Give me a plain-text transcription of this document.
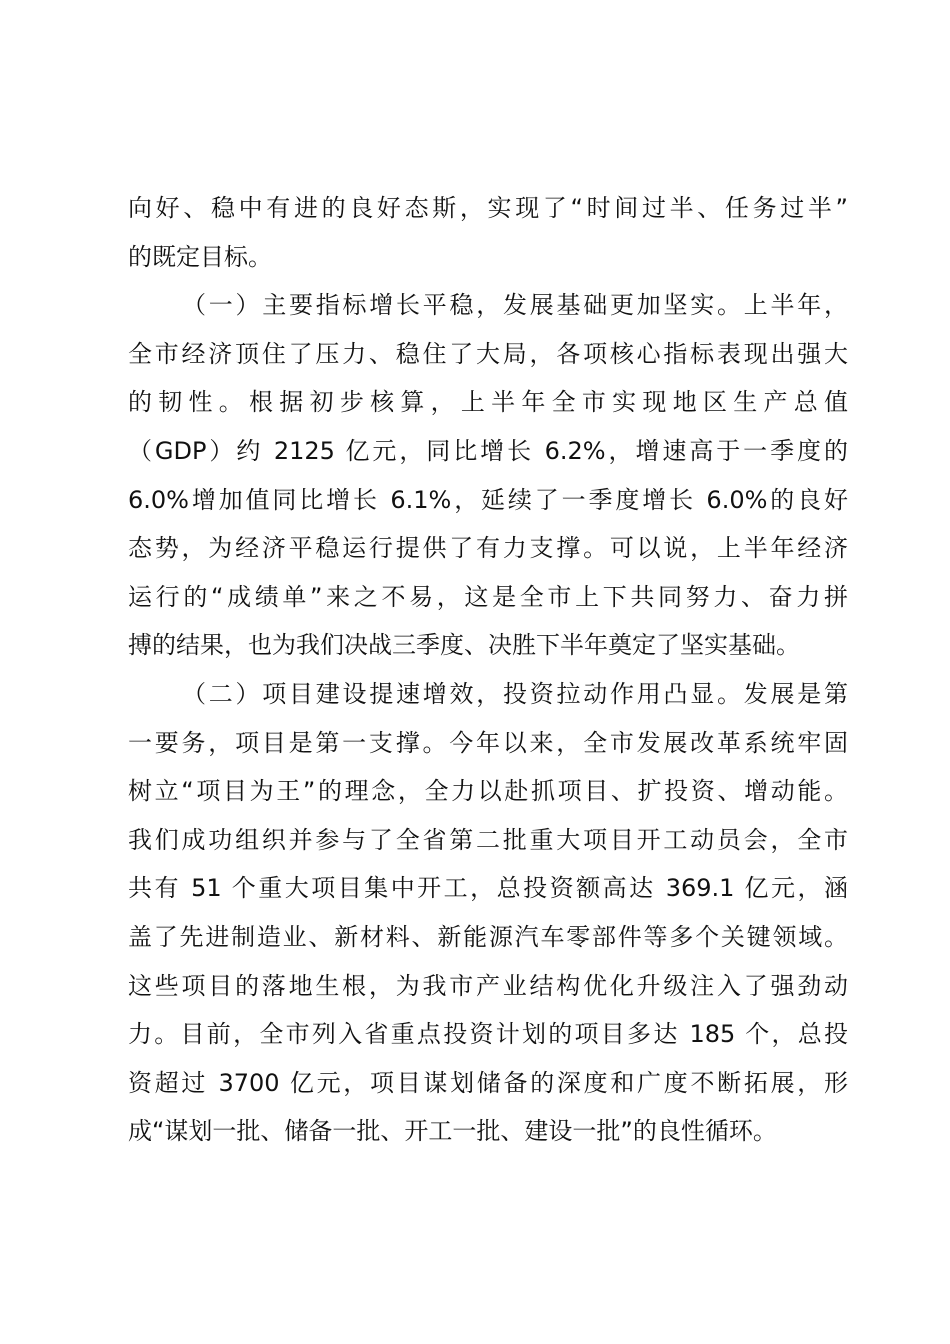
向好、稳中有进的良好态斯，实现了“时间过半、任务过半”
的既定目标。
（一）主要指标增长平稳，发展基础更加坚实。上半年，
全市经济顶住了压力、稳住了大局，各项核心指标表现出强大
的韧性。根据初步核算，上半年全市实现地区生产总值
（GDP）约 2125 亿元，同比增长 6.2%，增速高于一季度的
6.0%增加值同比增长 6.1%，延续了一季度增长 6.0%的良好
态势，为经济平稳运行提供了有力支撑。可以说，上半年经济
运行的“成绩单”来之不易，这是全市上下共同努力、奋力拼
搏的结果，也为我们决战三季度、决胜下半年奠定了坚实基础。
（二）项目建设提速增效，投资拉动作用凸显。发展是第
一要务，项目是第一支撑。今年以来，全市发展改革系统牢固
树立“项目为王”的理念，全力以赴抓项目、扩投资、增动能。
我们成功组织并参与了全省第二批重大项目开工动员会，全市
共有 51 个重大项目集中开工，总投资额高达 369.1 亿元，涵
盖了先进制造业、新材料、新能源汽车零部件等多个关键领域。
这些项目的落地生根，为我市产业结构优化升级注入了强劲动
力。目前，全市列入省重点投资计划的项目多达 185 个，总投
资超过 3700 亿元，项目谋划储备的深度和广度不断拓展，形
成“谋划一批、储备一批、开工一批、建设一批”的良性循环。
